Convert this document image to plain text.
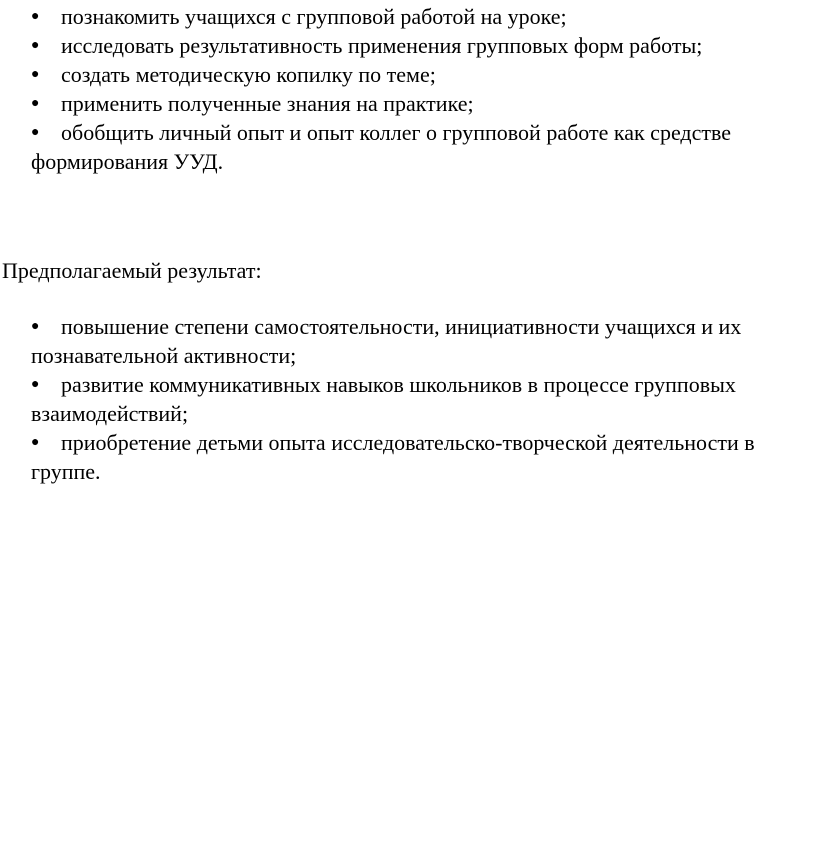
● познакомить учащихся с групповой работой на уроке;
● исследовать результативность применения групповых форм работы;
● создать методическую копилку по теме;
● применить полученные знания на практике;
● обобщить личный опыт и опыт коллег о групповой работе как средстве формирования УУД.

Предполагаемый результат:

● повышение степени самостоятельности, инициативности учащихся и их познавательной активности;
● развитие коммуникативных навыков школьников в процессе групповых взаимодействий;
● приобретение детьми опыта исследовательско-творческой деятельности в группе.
